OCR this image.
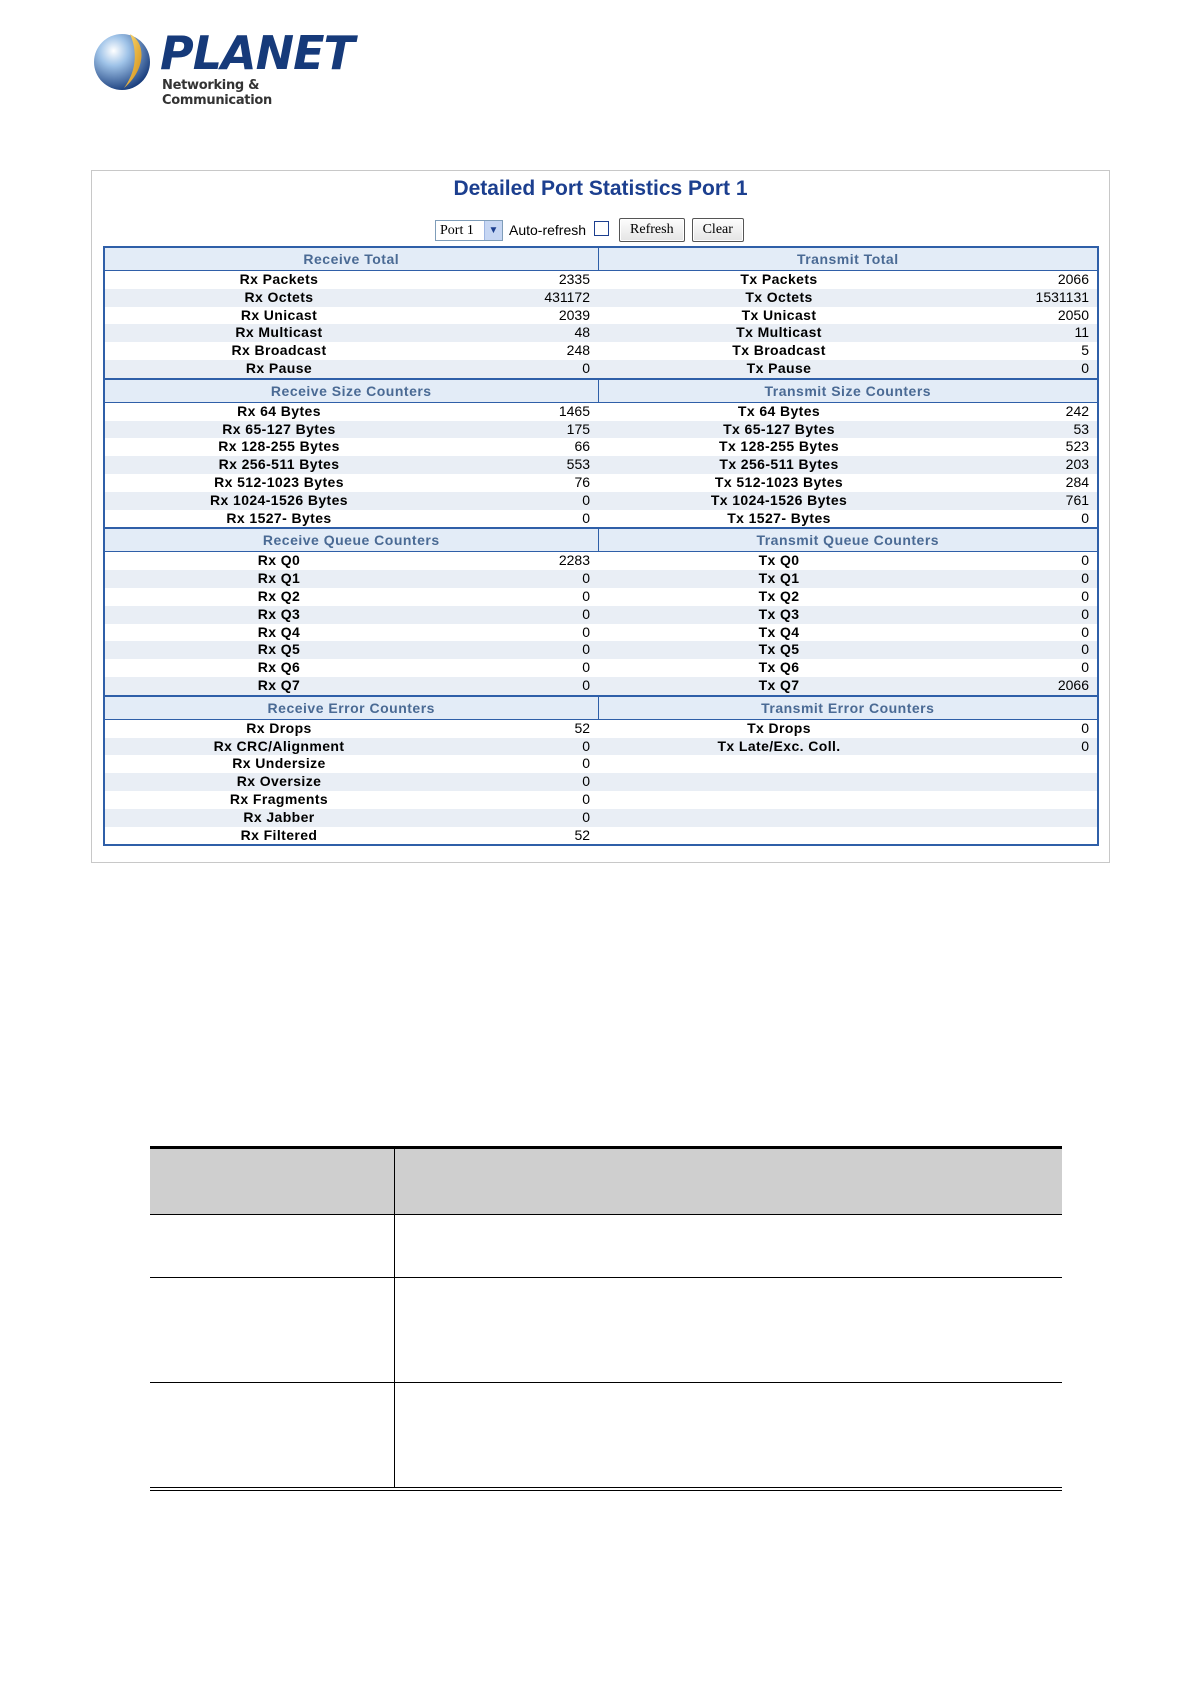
PLANET
Networking & Communication
Detailed Port Statistics Port 1
Port 1	▼ Auto-refresh	Refresh	Clear
Receive Total		Transmit Total	
Rx Packets	2335	Tx Packets	2066
Rx Octets	431172	Tx Octets	1531131
Rx Unicast	2039	Tx Unicast	2050
Rx Multicast	48	Tx Multicast	11
Rx Broadcast	248	Tx Broadcast	5
Rx Pause	0	Tx Pause	0
Receive Size Counters		Transmit Size Counters	
Rx 64 Bytes	1465	Tx 64 Bytes	242
Rx 65-127 Bytes	175	Tx 65-127 Bytes	53
Rx 128-255 Bytes	66	Tx 128-255 Bytes	523
Rx 256-511 Bytes	553	Tx 256-511 Bytes	203
Rx 512-1023 Bytes	76	Tx 512-1023 Bytes	284
Rx 1024-1526 Bytes	0	Tx 1024-1526 Bytes	761
Rx 1527- Bytes	0	Tx 1527- Bytes	0
Receive Queue Counters		Transmit Queue Counters	
Rx Q0	2283	Tx Q0	0
Rx Q1	0	Tx Q1	0
Rx Q2	0	Tx Q2	0
Rx Q3	0	Tx Q3	0
Rx Q4	0	Tx Q4	0
Rx Q5	0	Tx Q5	0
Rx Q6	0	Tx Q6	0
Rx Q7	0	Tx Q7	2066
Receive Error Counters		Transmit Error Counters	
Rx Drops	52	Tx Drops	0
Rx CRC/Alignment	0	Tx Late/Exc. Coll.	0
Rx Undersize	0		
Rx Oversize	0		
Rx Fragments	0		
Rx Jabber	0		
Rx Filtered	52		
